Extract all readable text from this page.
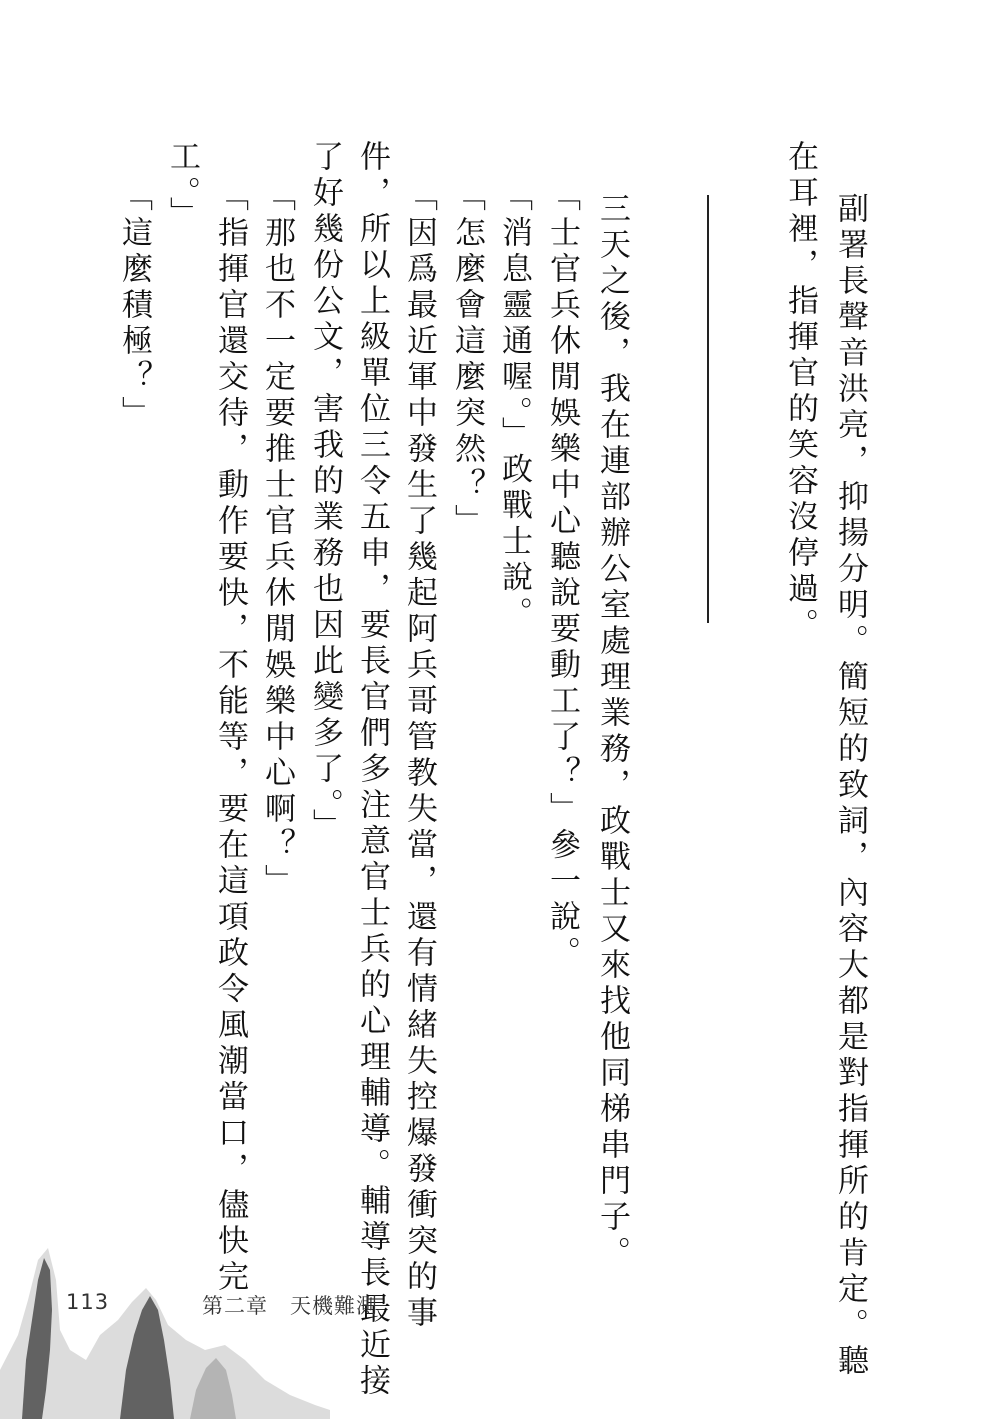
副署長聲音洪亮，抑揚分明。簡短的致詞，內容大都是對指揮所的肯定。聽

在耳裡，指揮官的笑容沒停過。

三天之後，我在連部辦公室處理業務，政戰士又來找他同梯串門子。

「士官兵休閒娛樂中心聽說要動工了？」參一說。

「消息靈通喔。」政戰士說。

「怎麼會這麼突然？」

「因爲最近軍中發生了幾起阿兵哥管教失當，還有情緒失控爆發衝突的事

件，所以上級單位三令五申，要長官們多注意官士兵的心理輔導。輔導長最近接

了好幾份公文，害我的業務也因此變多了。」

「那也不一定要推士官兵休閒娛樂中心啊？」

「指揮官還交待，動作要快，不能等，要在這項政令風潮當口，儘快完

工。」

「這麼積極？」

113	第二章　天機難測
